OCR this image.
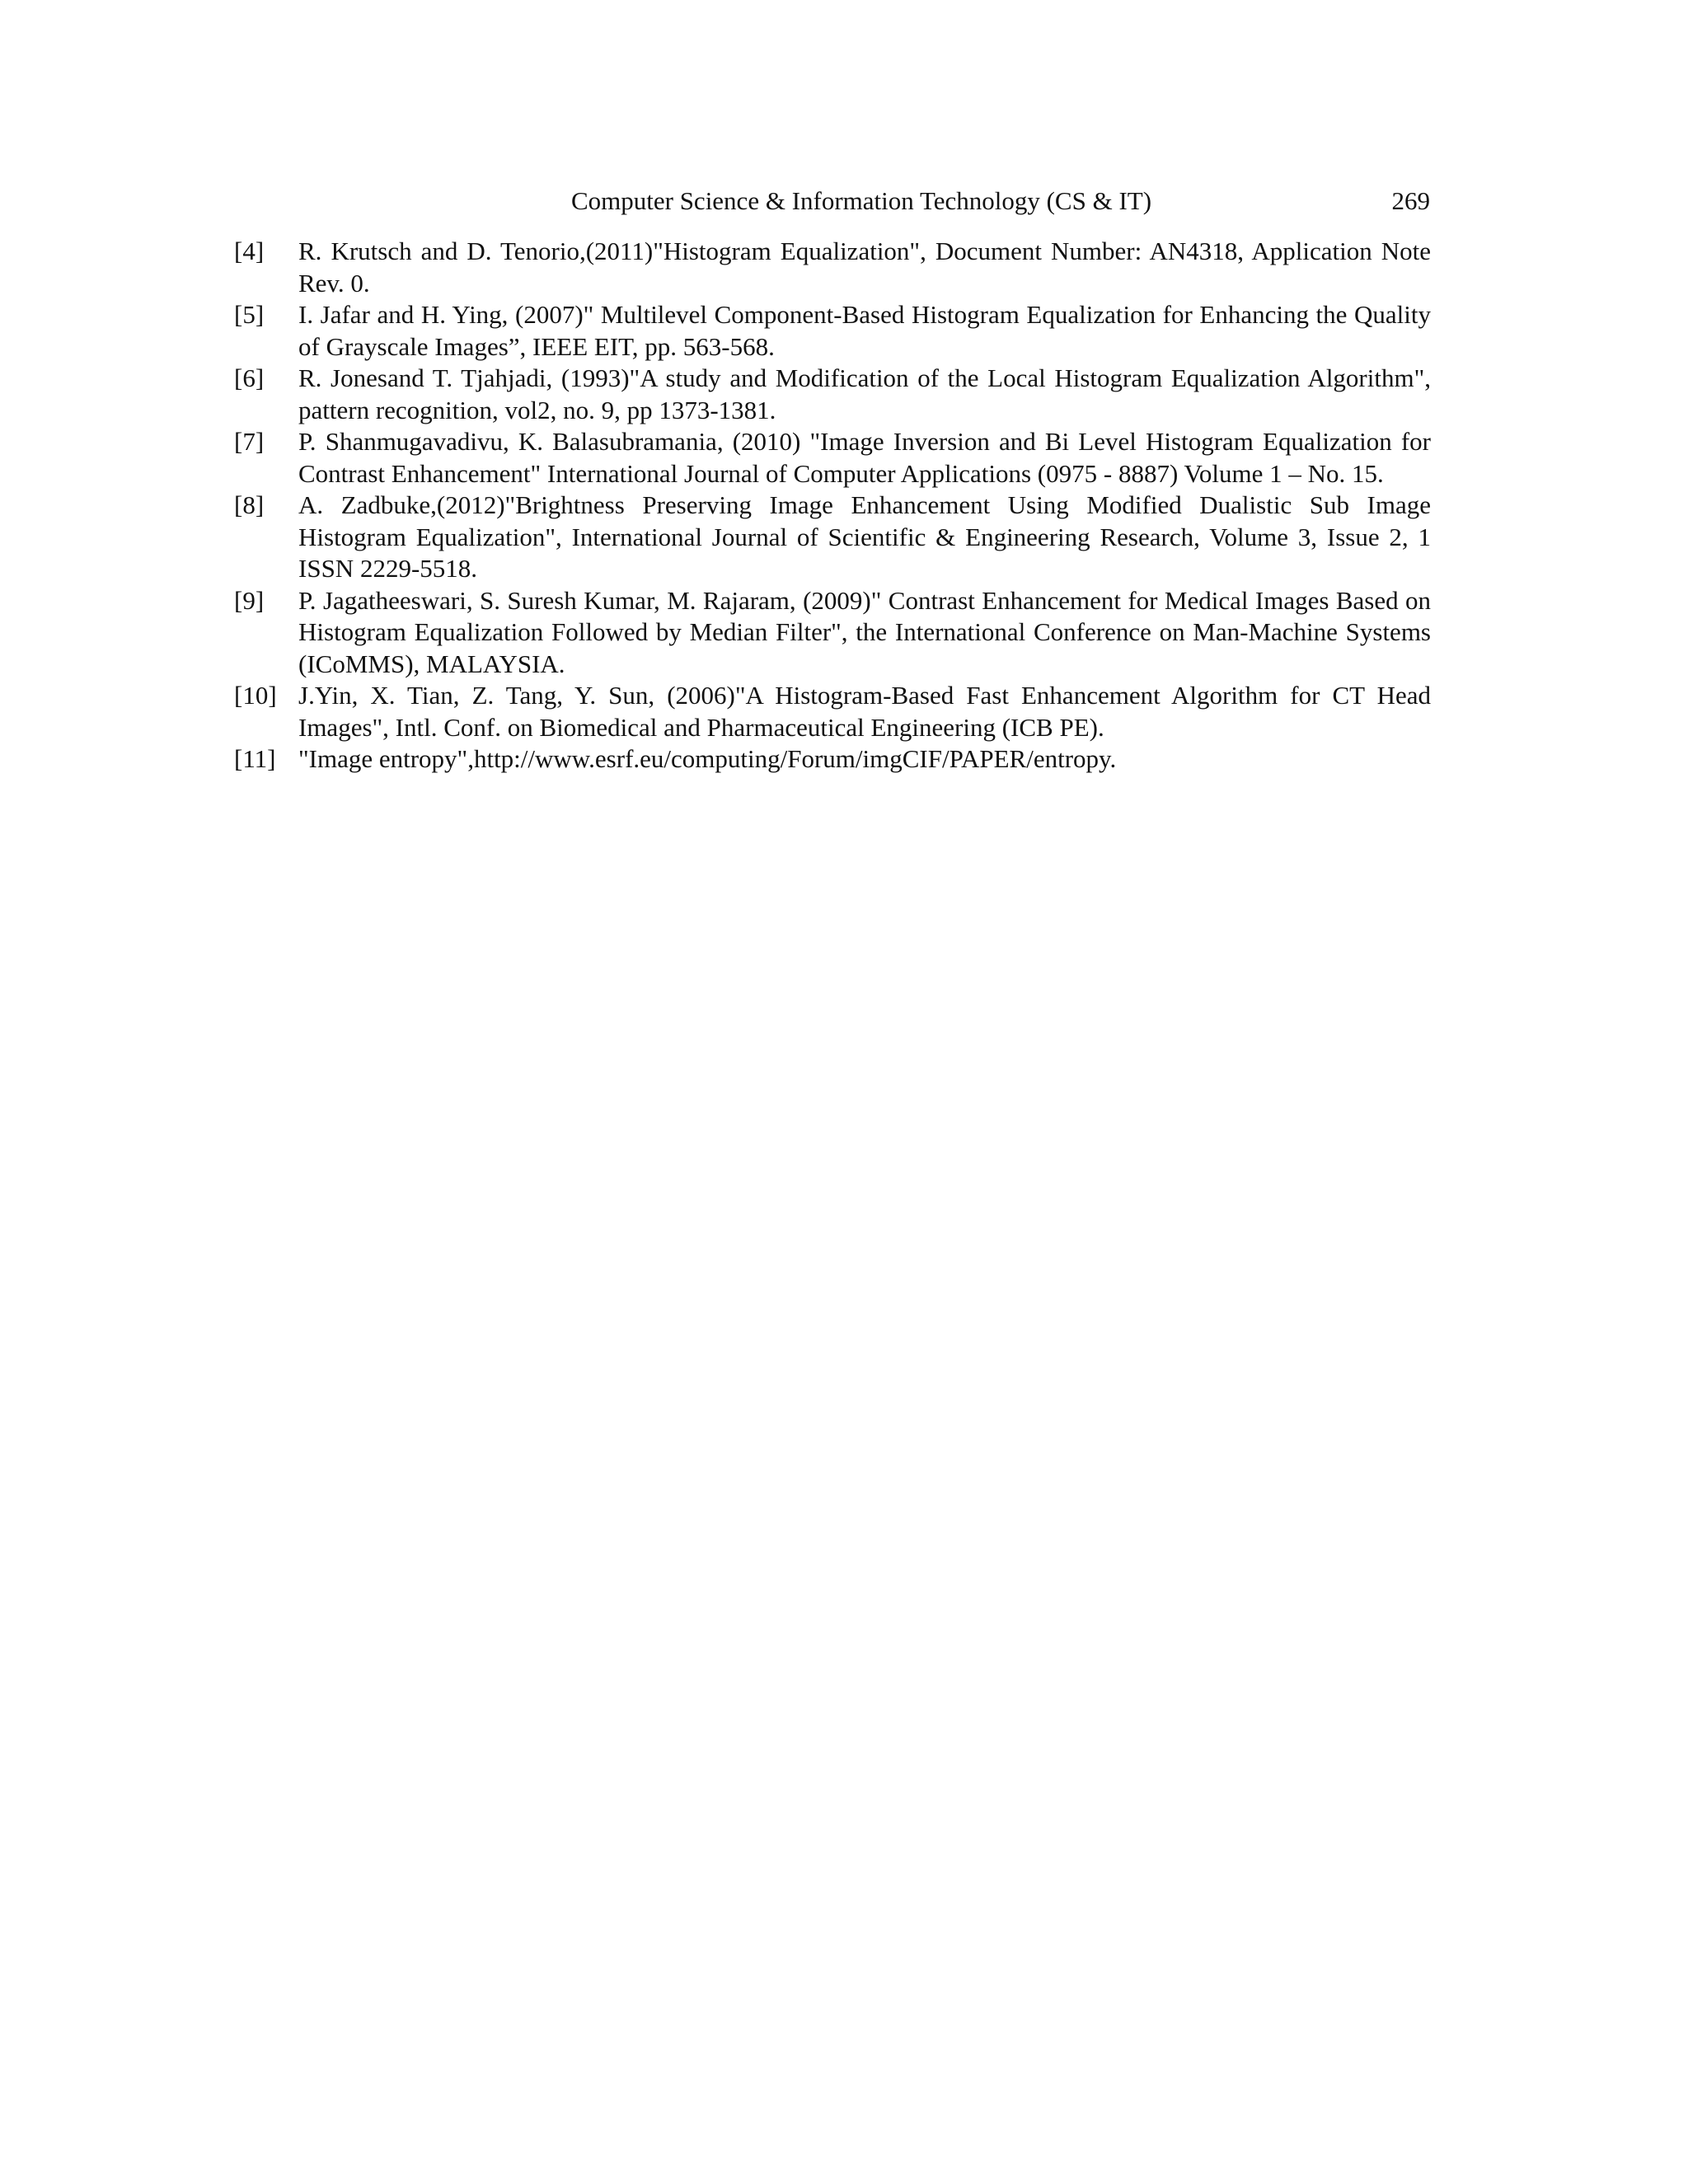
Computer Science & Information Technology (CS & IT)	269
[4]	R. Krutsch and D. Tenorio,(2011)"Histogram Equalization", Document Number: AN4318, Application Note Rev. 0.
[5]	I. Jafar and H. Ying, (2007)" Multilevel Component-Based Histogram Equalization for Enhancing the Quality of Grayscale Images”, IEEE EIT, pp. 563-568.
[6]	R. Jonesand T. Tjahjadi, (1993)"A study and Modification of the Local Histogram Equalization Algorithm", pattern recognition, vol2, no. 9, pp 1373-1381.
[7]	P. Shanmugavadivu, K. Balasubramania, (2010) "Image Inversion and Bi Level Histogram Equalization for Contrast Enhancement" International Journal of Computer Applications (0975 - 8887) Volume 1 – No. 15.
[8]	A. Zadbuke,(2012)"Brightness Preserving Image Enhancement Using Modified Dualistic Sub Image Histogram Equalization", International Journal of Scientific & Engineering Research, Volume 3, Issue 2, 1 ISSN 2229-5518.
[9]	P. Jagatheeswari, S. Suresh Kumar, M. Rajaram, (2009)" Contrast Enhancement for Medical Images Based on Histogram Equalization Followed by Median Filter", the International Conference on Man-Machine Systems (ICoMMS), MALAYSIA.
[10] J.Yin, X. Tian, Z. Tang, Y. Sun, (2006)"A Histogram-Based Fast Enhancement Algorithm for CT Head Images", Intl. Conf. on Biomedical and Pharmaceutical Engineering (ICB PE).
[11] "Image entropy",http://www.esrf.eu/computing/Forum/imgCIF/PAPER/entropy.
